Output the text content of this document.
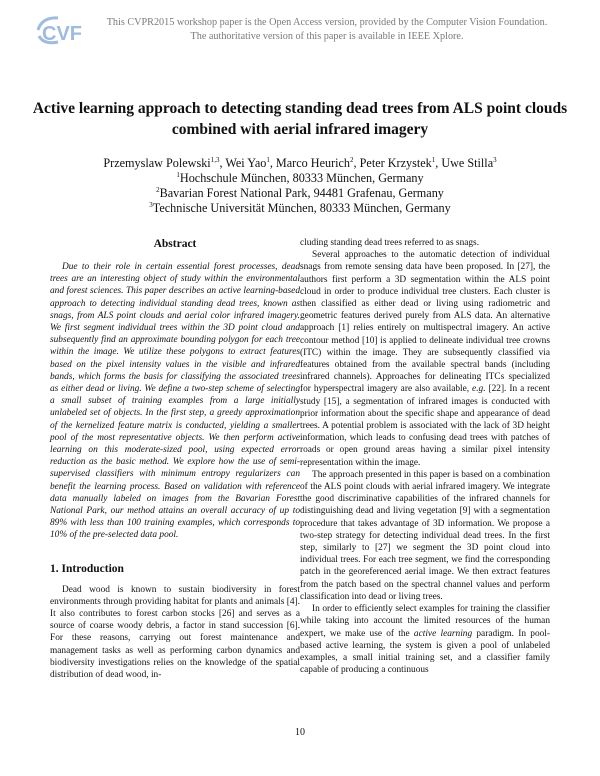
CVF
This CVPR2015 workshop paper is the Open Access version, provided by the Computer Vision Foundation.
The authoritative version of this paper is available in IEEE Xplore.
Active learning approach to detecting standing dead trees from ALS point clouds
combined with aerial infrared imagery
Przemyslaw Polewski$^{1,3}$, Wei Yao$^1$, Marco Heurich$^2$, Peter Krzystek$^1$, Uwe Stilla$^3$
$^1$Hochschule München, 80333 München, Germany
$^2$Bavarian Forest National Park, 94481 Grafenau, Germany
$^3$Technische Universität München, 80333 München, Germany
Abstract

Due to their role in certain essential forest processes, dead trees are an interesting object of study within the environmental and forest sciences. This paper describes an active learning-based approach to detecting individual standing dead trees, known as snags, from ALS point clouds and aerial color infrared imagery. We first segment individual trees within the 3D point cloud and subsequently find an approximate bounding polygon for each tree within the image. We utilize these polygons to extract features based on the pixel intensity values in the visible and infrared bands, which forms the basis for classifying the associated trees as either dead or living. We define a two-step scheme of selecting a small subset of training examples from a large initially unlabeled set of objects. In the first step, a greedy approximation of the kernelized feature matrix is conducted, yielding a smaller pool of the most representative objects. We then perform active learning on this moderate-sized pool, using expected error reduction as the basic method. We explore how the use of semi-supervised classifiers with minimum entropy regularizers can benefit the learning process. Based on validation with reference data manually labeled on images from the Bavarian Forest National Park, our method attains an overall accuracy of up to 89% with less than 100 training examples, which corresponds to 10% of the pre-selected data pool.

1. Introduction

Dead wood is known to sustain biodiversity in forest environments through providing habitat for plants and animals [4]. It also contributes to forest carbon stocks [26] and serves as a source of coarse woody debris, a factor in stand succession [6]. For these reasons, carrying out forest maintenance and management tasks as well as performing carbon dynamics and biodiversity investigations relies on the knowledge of the spatial distribution of dead wood, in-

cluding standing dead trees referred to as snags.

Several approaches to the automatic detection of individual snags from remote sensing data have been proposed. In [27], the authors first perform a 3D segmentation within the ALS point cloud in order to produce individual tree clusters. Each cluster is then classified as either dead or living using radiometric and geometric features derived purely from ALS data. An alternative approach [1] relies entirely on multispectral imagery. An active contour method [10] is applied to delineate individual tree crowns (ITC) within the image. They are subsequently classified via features obtained from the available spectral bands (including infrared channels). Approaches for delineating ITCs specialized for hyperspectral imagery are also available, e.g. [22]. In a recent study [15], a segmentation of infrared images is conducted with prior information about the specific shape and appearance of dead trees. A potential problem is associated with the lack of 3D height information, which leads to confusing dead trees with patches of roads or open ground areas having a similar pixel intensity representation within the image.

The approach presented in this paper is based on a combination of the ALS point clouds with aerial infrared imagery. We integrate the good discriminative capabilities of the infrared channels for distinguishing dead and living vegetation [9] with a segmentation procedure that takes advantage of 3D information. We propose a two-step strategy for detecting individual dead trees. In the first step, similarly to [27] we segment the 3D point cloud into individual trees. For each tree segment, we find the corresponding patch in the georeferenced aerial image. We then extract features from the patch based on the spectral channel values and perform classification into dead or living trees.

In order to efficiently select examples for training the classifier while taking into account the limited resources of the human expert, we make use of the active learning paradigm. In pool-based active learning, the system is given a pool of unlabeled examples, a small initial training set, and a classifier family capable of producing a continuous

10
